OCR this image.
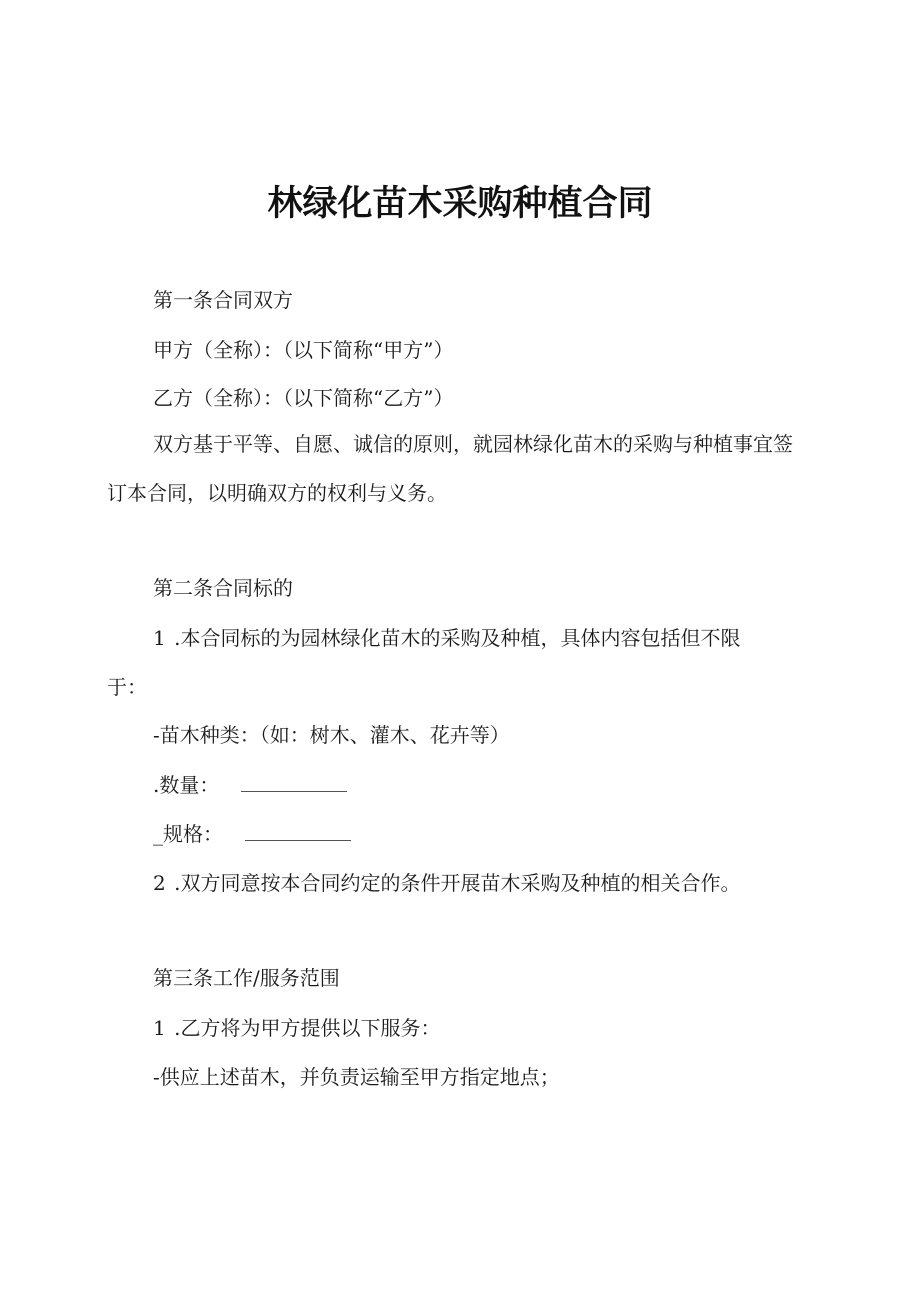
林绿化苗木采购种植合同
第一条合同双方
甲方（全称）：（以下简称“甲方”）
乙方（全称）：（以下简称“乙方”）
双方基于平等、自愿、诚信的原则，就园林绿化苗木的采购与种植事宜签订本合同，以明确双方的权利与义务。
第二条合同标的
1 .本合同标的为园林绿化苗木的采购及种植，具体内容包括但不限
于：
-苗木种类：（如：树木、灌木、花卉等）
.数量：
_规格：
2 .双方同意按本合同约定的条件开展苗木采购及种植的相关合作。
第三条工作/服务范围
1 .乙方将为甲方提供以下服务：
-供应上述苗木，并负责运输至甲方指定地点；
